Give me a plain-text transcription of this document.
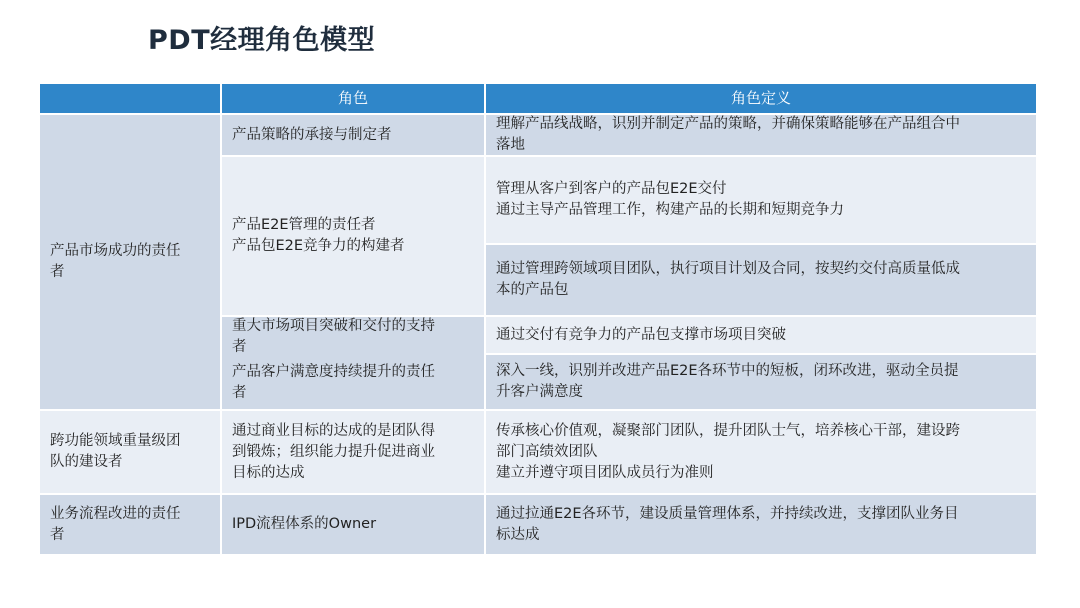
PDT经理角色模型
角色	角色定义
产品市场成功的责任
者
跨功能领域重量级团
队的建设者
业务流程改进的责任
者
产品策略的承接与制定者
产品E2E管理的责任者
产品包E2E竞争力的构建者
重大市场项目突破和交付的支持
者
产品客户满意度持续提升的责任
者
通过商业目标的达成的是团队得
到锻炼；组织能力提升促进商业
目标的达成
IPD流程体系的Owner
理解产品线战略，识别并制定产品的策略，并确保策略能够在产品组合中
落地
管理从客户到客户的产品包E2E交付
通过主导产品管理工作，构建产品的长期和短期竞争力
通过管理跨领域项目团队，执行项目计划及合同，按契约交付高质量低成
本的产品包
通过交付有竞争力的产品包支撑市场项目突破
深入一线，识别并改进产品E2E各环节中的短板，闭环改进，驱动全员提
升客户满意度
传承核心价值观，凝聚部门团队，提升团队士气，培养核心干部，建设跨
部门高绩效团队
建立并遵守项目团队成员行为准则
通过拉通E2E各环节，建设质量管理体系，并持续改进，支撑团队业务目
标达成
